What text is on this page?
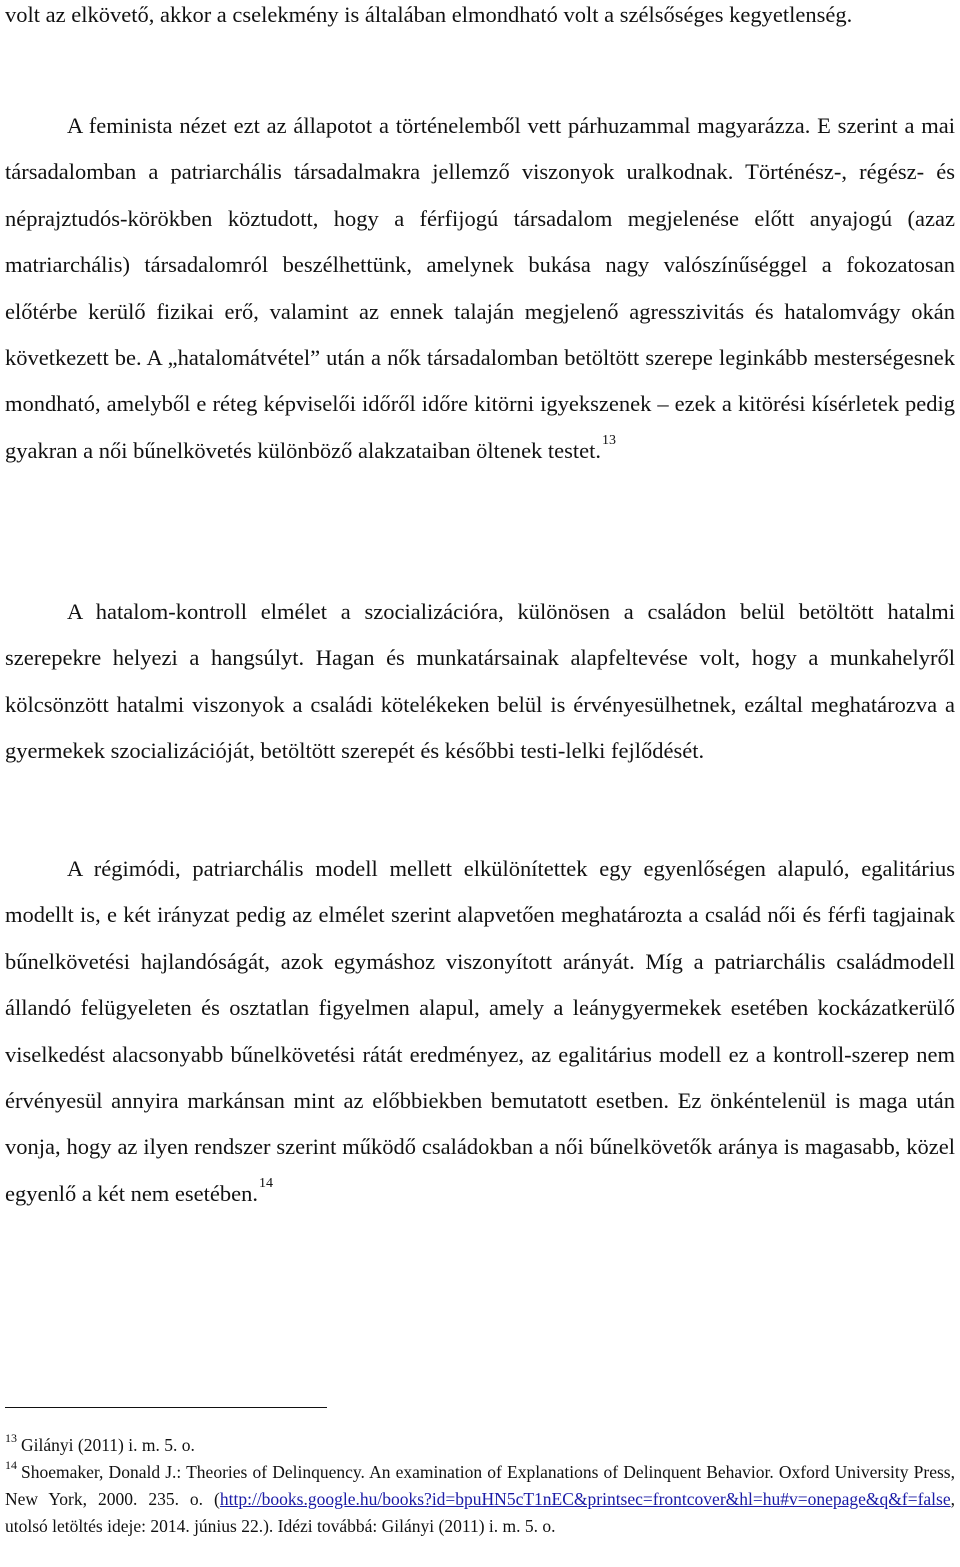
volt az elkövető, akkor a cselekmény is általában elmondható volt a szélsőséges kegyetlenség.

A feminista nézet ezt az állapotot a történelemből vett párhuzammal magyarázza. E szerint a mai társadalomban a patriarchális társadalmakra jellemző viszonyok uralkodnak. Történész-, régész- és néprajztudós-körökben köztudott, hogy a férfijogú társadalom megjelenése előtt anyajogú (azaz matriarchális) társadalomról beszélhettünk, amelynek bukása nagy valószínűséggel a fokozatosan előtérbe kerülő fizikai erő, valamint az ennek talaján megjelenő agresszivitás és hatalomvágy okán következett be. A „hatalomátvétel” után a nők társadalomban betöltött szerepe leginkább mesterségesnek mondható, amelyből e réteg képviselői időről időre kitörni igyekszenek – ezek a kitörési kísérletek pedig gyakran a női bűnelkövetés különböző alakzataiban öltenek testet.$^{13}$

A hatalom-kontroll elmélet a szocializációra, különösen a családon belül betöltött hatalmi szerepekre helyezi a hangsúlyt. Hagan és munkatársainak alapfeltevése volt, hogy a munkahelyről kölcsönzött hatalmi viszonyok a családi kötelékeken belül is érvényesülhetnek, ezáltal meghatározva a gyermekek szocializációját, betöltött szerepét és későbbi testi-lelki fejlődését.

A régimódi, patriarchális modell mellett elkülönítettek egy egyenlőségen alapuló, egalitárius modellt is, e két irányzat pedig az elmélet szerint alapvetően meghatározta a család női és férfi tagjainak bűnelkövetési hajlandóságát, azok egymáshoz viszonyított arányát. Míg a patriarchális családmodell állandó felügyeleten és osztatlan figyelmen alapul, amely a leánygyermekek esetében kockázatkerülő viselkedést alacsonyabb bűnelkövetési rátát eredményez, az egalitárius modell ez a kontroll-szerep nem érvényesül annyira markánsan mint az előbbiekben bemutatott esetben. Ez önkéntelenül is maga után vonja, hogy az ilyen rendszer szerint működő családokban a női bűnelkövetők aránya is magasabb, közel egyenlő a két nem esetében.$^{14}$

$^{13}$ Gilányi (2011) i. m. 5. o.

$^{14}$ Shoemaker, Donald J.: Theories of Delinquency. An examination of Explanations of Delinquent Behavior. Oxford University Press, New York, 2000. 235. o. (http://books.google.hu/books?id=bpuHN5cT1nEC&printsec=frontcover&hl=hu#v=onepage&q&f=false, utolsó letöltés ideje: 2014. június 22.). Idézi továbbá: Gilányi (2011) i. m. 5. o.
